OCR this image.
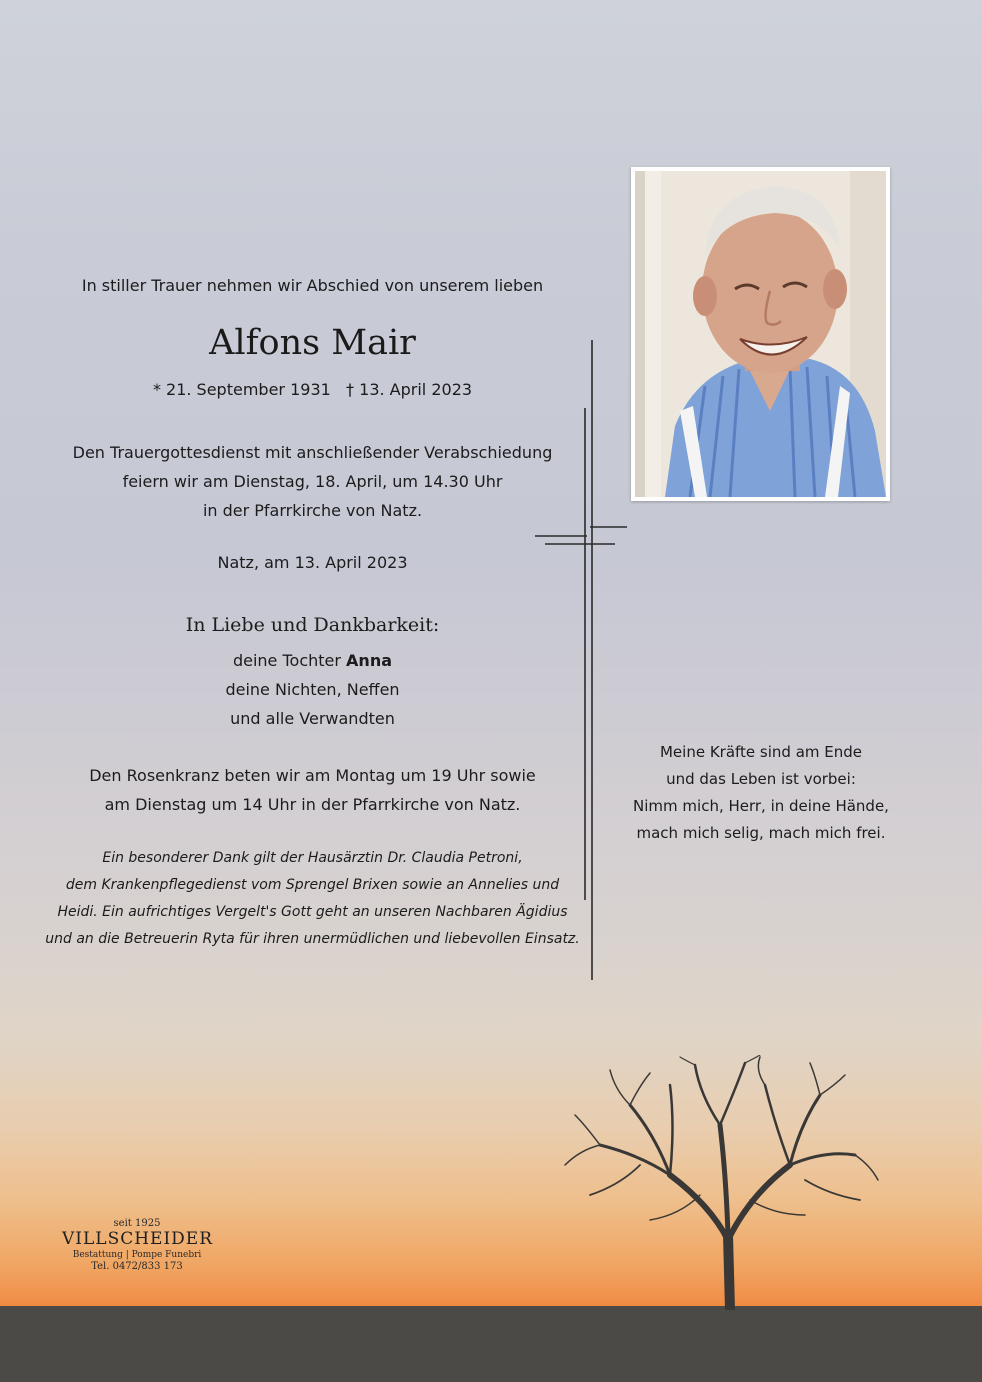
In stiller Trauer nehmen wir Abschied von unserem lieben
Alfons Mair
* 21. September 1931   † 13. April 2023
Den Trauergottesdienst mit anschließender Verabschiedung
feiern wir am Dienstag, 18. April, um 14.30 Uhr
in der Pfarrkirche von Natz.
Natz, am 13. April 2023
In Liebe und Dankbarkeit:
deine Tochter Anna
deine Nichten, Neffen
und alle Verwandten
Den Rosenkranz beten wir am Montag um 19 Uhr sowie
am Dienstag um 14 Uhr in der Pfarrkirche von Natz.
Ein besonderer Dank gilt der Hausärztin Dr. Claudia Petroni,
dem Krankenpflegedienst vom Sprengel Brixen sowie an Annelies und
Heidi. Ein aufrichtiges Vergelt's Gott geht an unseren Nachbaren Ägidius
und an die Betreuerin Ryta für ihren unermüdlichen und liebevollen Einsatz.
Meine Kräfte sind am Ende
und das Leben ist vorbei:
Nimm mich, Herr, in deine Hände,
mach mich selig, mach mich frei.
seit 1925
VILLSCHEIDER
Bestattung | Pompe Funebri
Tel. 0472/833 173
